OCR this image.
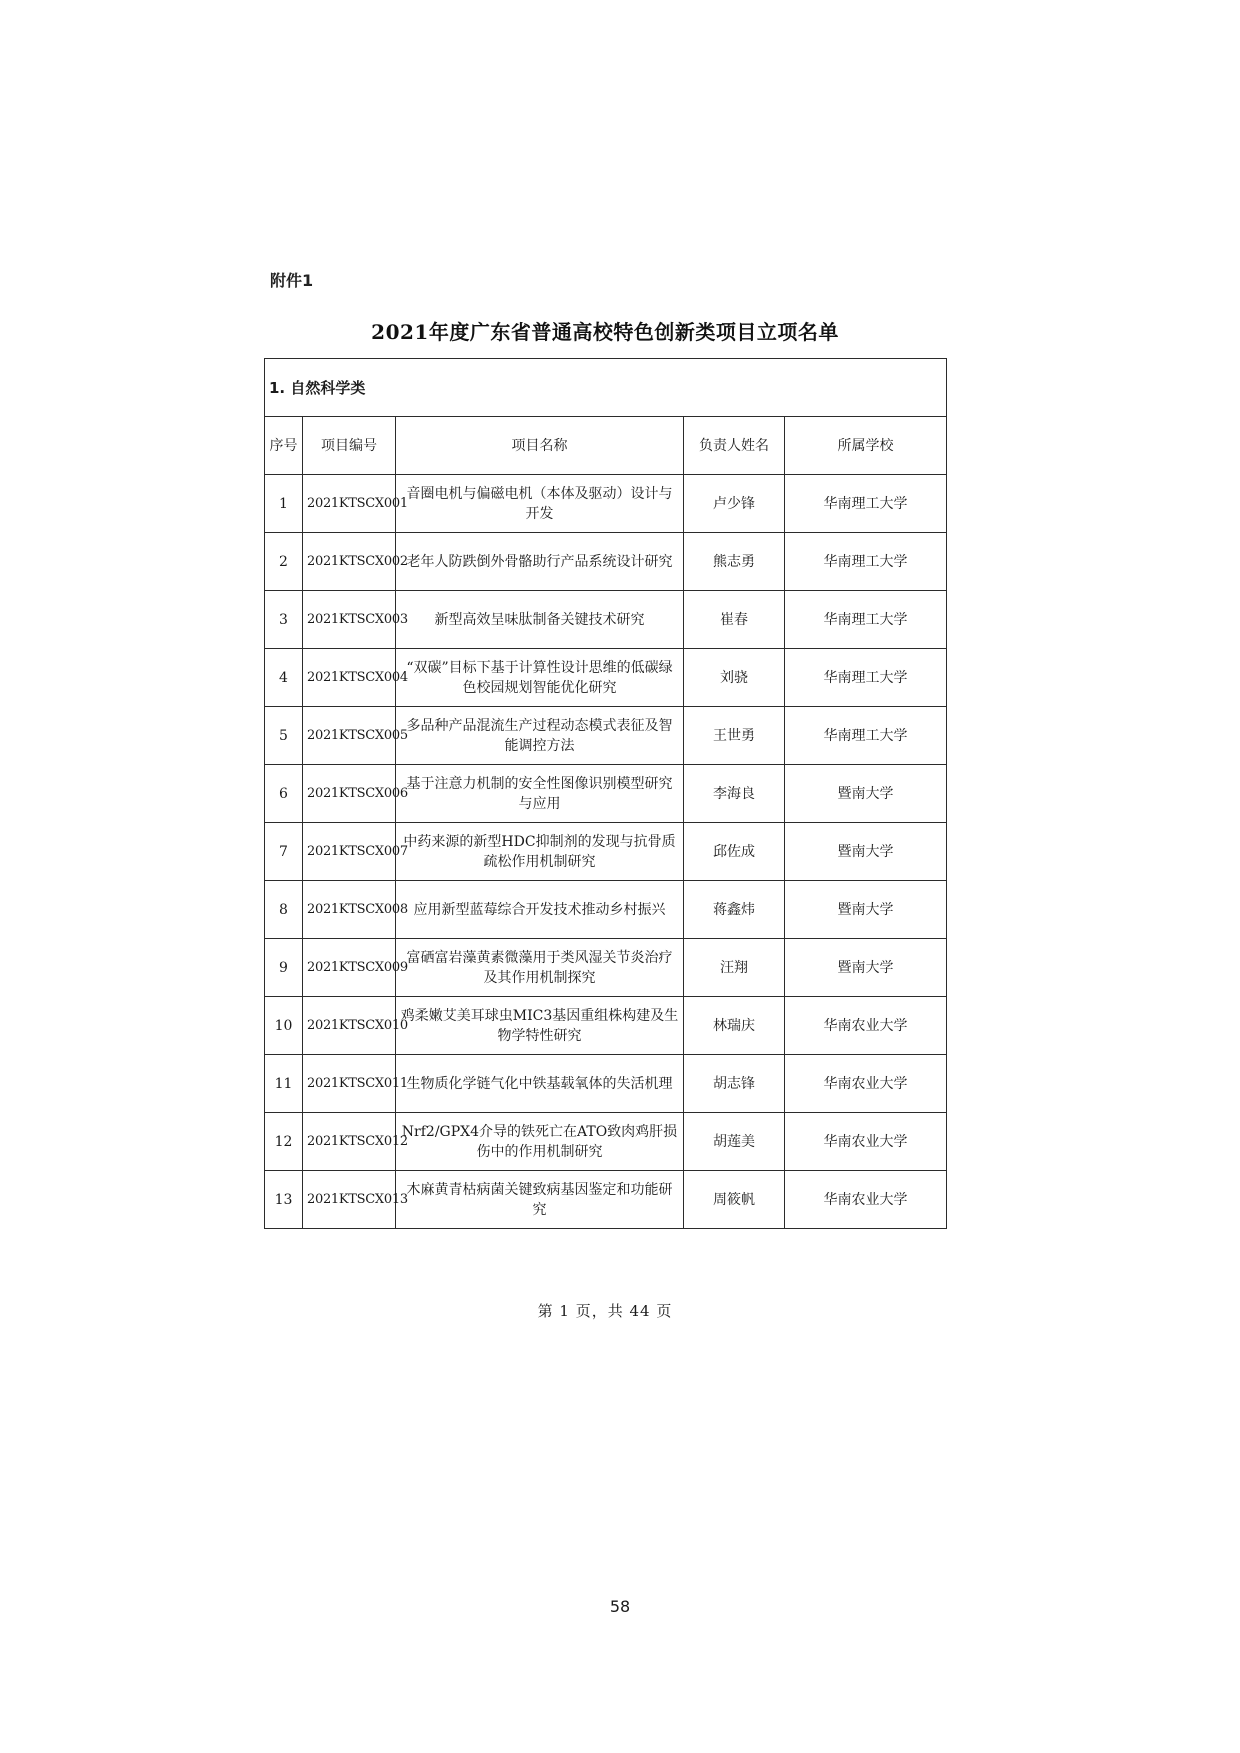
附件1
2021年度广东省普通高校特色创新类项目立项名单
1. 自然科学类				
序号	项目编号	项目名称	负责人姓名	所属学校
1	2021KTSCX001	音圈电机与偏磁电机（本体及驱动）设计与开发	卢少锋	华南理工大学
2	2021KTSCX002	老年人防跌倒外骨骼助行产品系统设计研究	熊志勇	华南理工大学
3	2021KTSCX003	新型高效呈味肽制备关键技术研究	崔春	华南理工大学
4	2021KTSCX004	“双碳”目标下基于计算性设计思维的低碳绿色校园规划智能优化研究	刘骁	华南理工大学
5	2021KTSCX005	多品种产品混流生产过程动态模式表征及智能调控方法	王世勇	华南理工大学
6	2021KTSCX006	基于注意力机制的安全性图像识别模型研究与应用	李海良	暨南大学
7	2021KTSCX007	中药来源的新型HDC抑制剂的发现与抗骨质疏松作用机制研究	邱佐成	暨南大学
8	2021KTSCX008	应用新型蓝莓综合开发技术推动乡村振兴	蒋鑫炜	暨南大学
9	2021KTSCX009	富硒富岩藻黄素微藻用于类风湿关节炎治疗及其作用机制探究	汪翔	暨南大学
10	2021KTSCX010	鸡柔嫩艾美耳球虫MIC3基因重组株构建及生物学特性研究	林瑞庆	华南农业大学
11	2021KTSCX011	生物质化学链气化中铁基载氧体的失活机理	胡志锋	华南农业大学
12	2021KTSCX012	Nrf2/GPX4介导的铁死亡在ATO致肉鸡肝损伤中的作用机制研究	胡莲美	华南农业大学
13	2021KTSCX013	木麻黄青枯病菌关键致病基因鉴定和功能研究	周筱帆	华南农业大学
第 1 页，共 44 页
58
